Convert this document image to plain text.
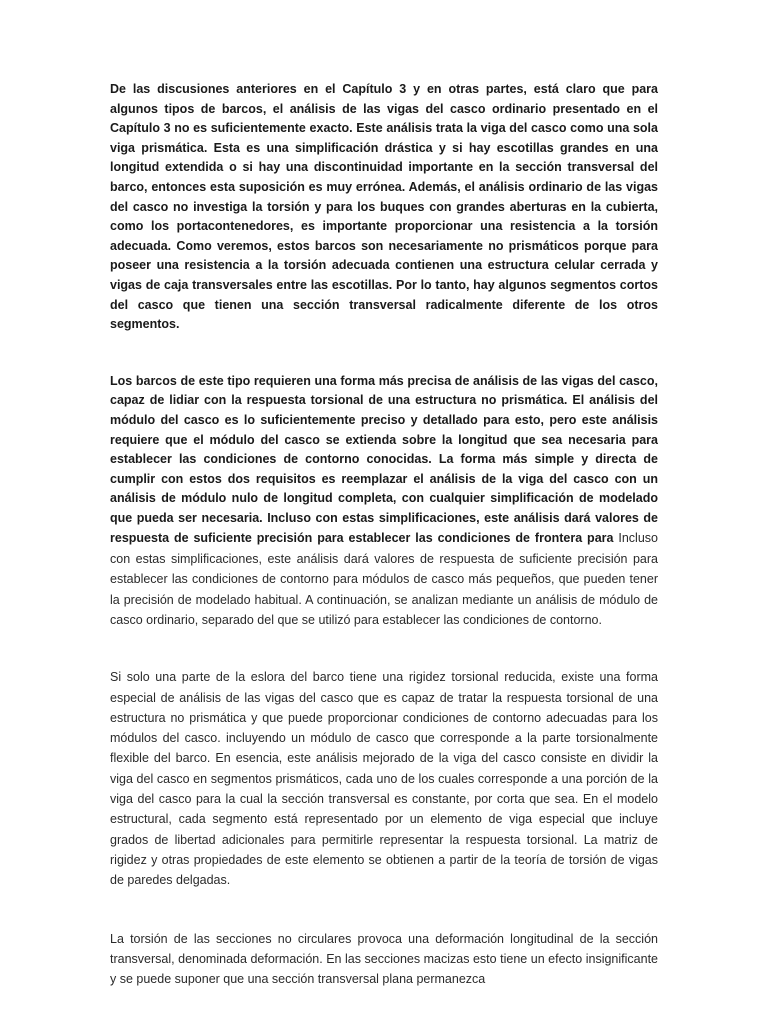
De las discusiones anteriores en el Capítulo 3 y en otras partes, está claro que para algunos tipos de barcos, el análisis de las vigas del casco ordinario presentado en el Capítulo 3 no es suficientemente exacto. Este análisis trata la viga del casco como una sola viga prismática. Esta es una simplificación drástica y si hay escotillas grandes en una longitud extendida o si hay una discontinuidad importante en la sección transversal del barco, entonces esta suposición es muy errónea. Además, el análisis ordinario de las vigas del casco no investiga la torsión y para los buques con grandes aberturas en la cubierta, como los portacontenedores, es importante proporcionar una resistencia a la torsión adecuada. Como veremos, estos barcos son necesariamente no prismáticos porque para poseer una resistencia a la torsión adecuada contienen una estructura celular cerrada y vigas de caja transversales entre las escotillas. Por lo tanto, hay algunos segmentos cortos del casco que tienen una sección transversal radicalmente diferente de los otros segmentos.

Los barcos de este tipo requieren una forma más precisa de análisis de las vigas del casco, capaz de lidiar con la respuesta torsional de una estructura no prismática. El análisis del módulo del casco es lo suficientemente preciso y detallado para esto, pero este análisis requiere que el módulo del casco se extienda sobre la longitud que sea necesaria para establecer las condiciones de contorno conocidas. La forma más simple y directa de cumplir con estos dos requisitos es reemplazar el análisis de la viga del casco con un análisis de módulo nulo de longitud completa, con cualquier simplificación de modelado que pueda ser necesaria. Incluso con estas simplificaciones, este análisis dará valores de respuesta de suficiente precisión para establecer las condiciones de frontera para Incluso con estas simplificaciones, este análisis dará valores de respuesta de suficiente precisión para establecer las condiciones de contorno para módulos de casco más pequeños, que pueden tener la precisión de modelado habitual. A continuación, se analizan mediante un análisis de módulo de casco ordinario, separado del que se utilizó para establecer las condiciones de contorno.

Si solo una parte de la eslora del barco tiene una rigidez torsional reducida, existe una forma especial de análisis de las vigas del casco que es capaz de tratar la respuesta torsional de una estructura no prismática y que puede proporcionar condiciones de contorno adecuadas para los módulos del casco. incluyendo un módulo de casco que corresponde a la parte torsionalmente flexible del barco. En esencia, este análisis mejorado de la viga del casco consiste en dividir la viga del casco en segmentos prismáticos, cada uno de los cuales corresponde a una porción de la viga del casco para la cual la sección transversal es constante, por corta que sea. En el modelo estructural, cada segmento está representado por un elemento de viga especial que incluye grados de libertad adicionales para permitirle representar la respuesta torsional. La matriz de rigidez y otras propiedades de este elemento se obtienen a partir de la teoría de torsión de vigas de paredes delgadas.

La torsión de las secciones no circulares provoca una deformación longitudinal de la sección transversal, denominada deformación. En las secciones macizas esto tiene un efecto insignificante y se puede suponer que una sección transversal plana permanezca
